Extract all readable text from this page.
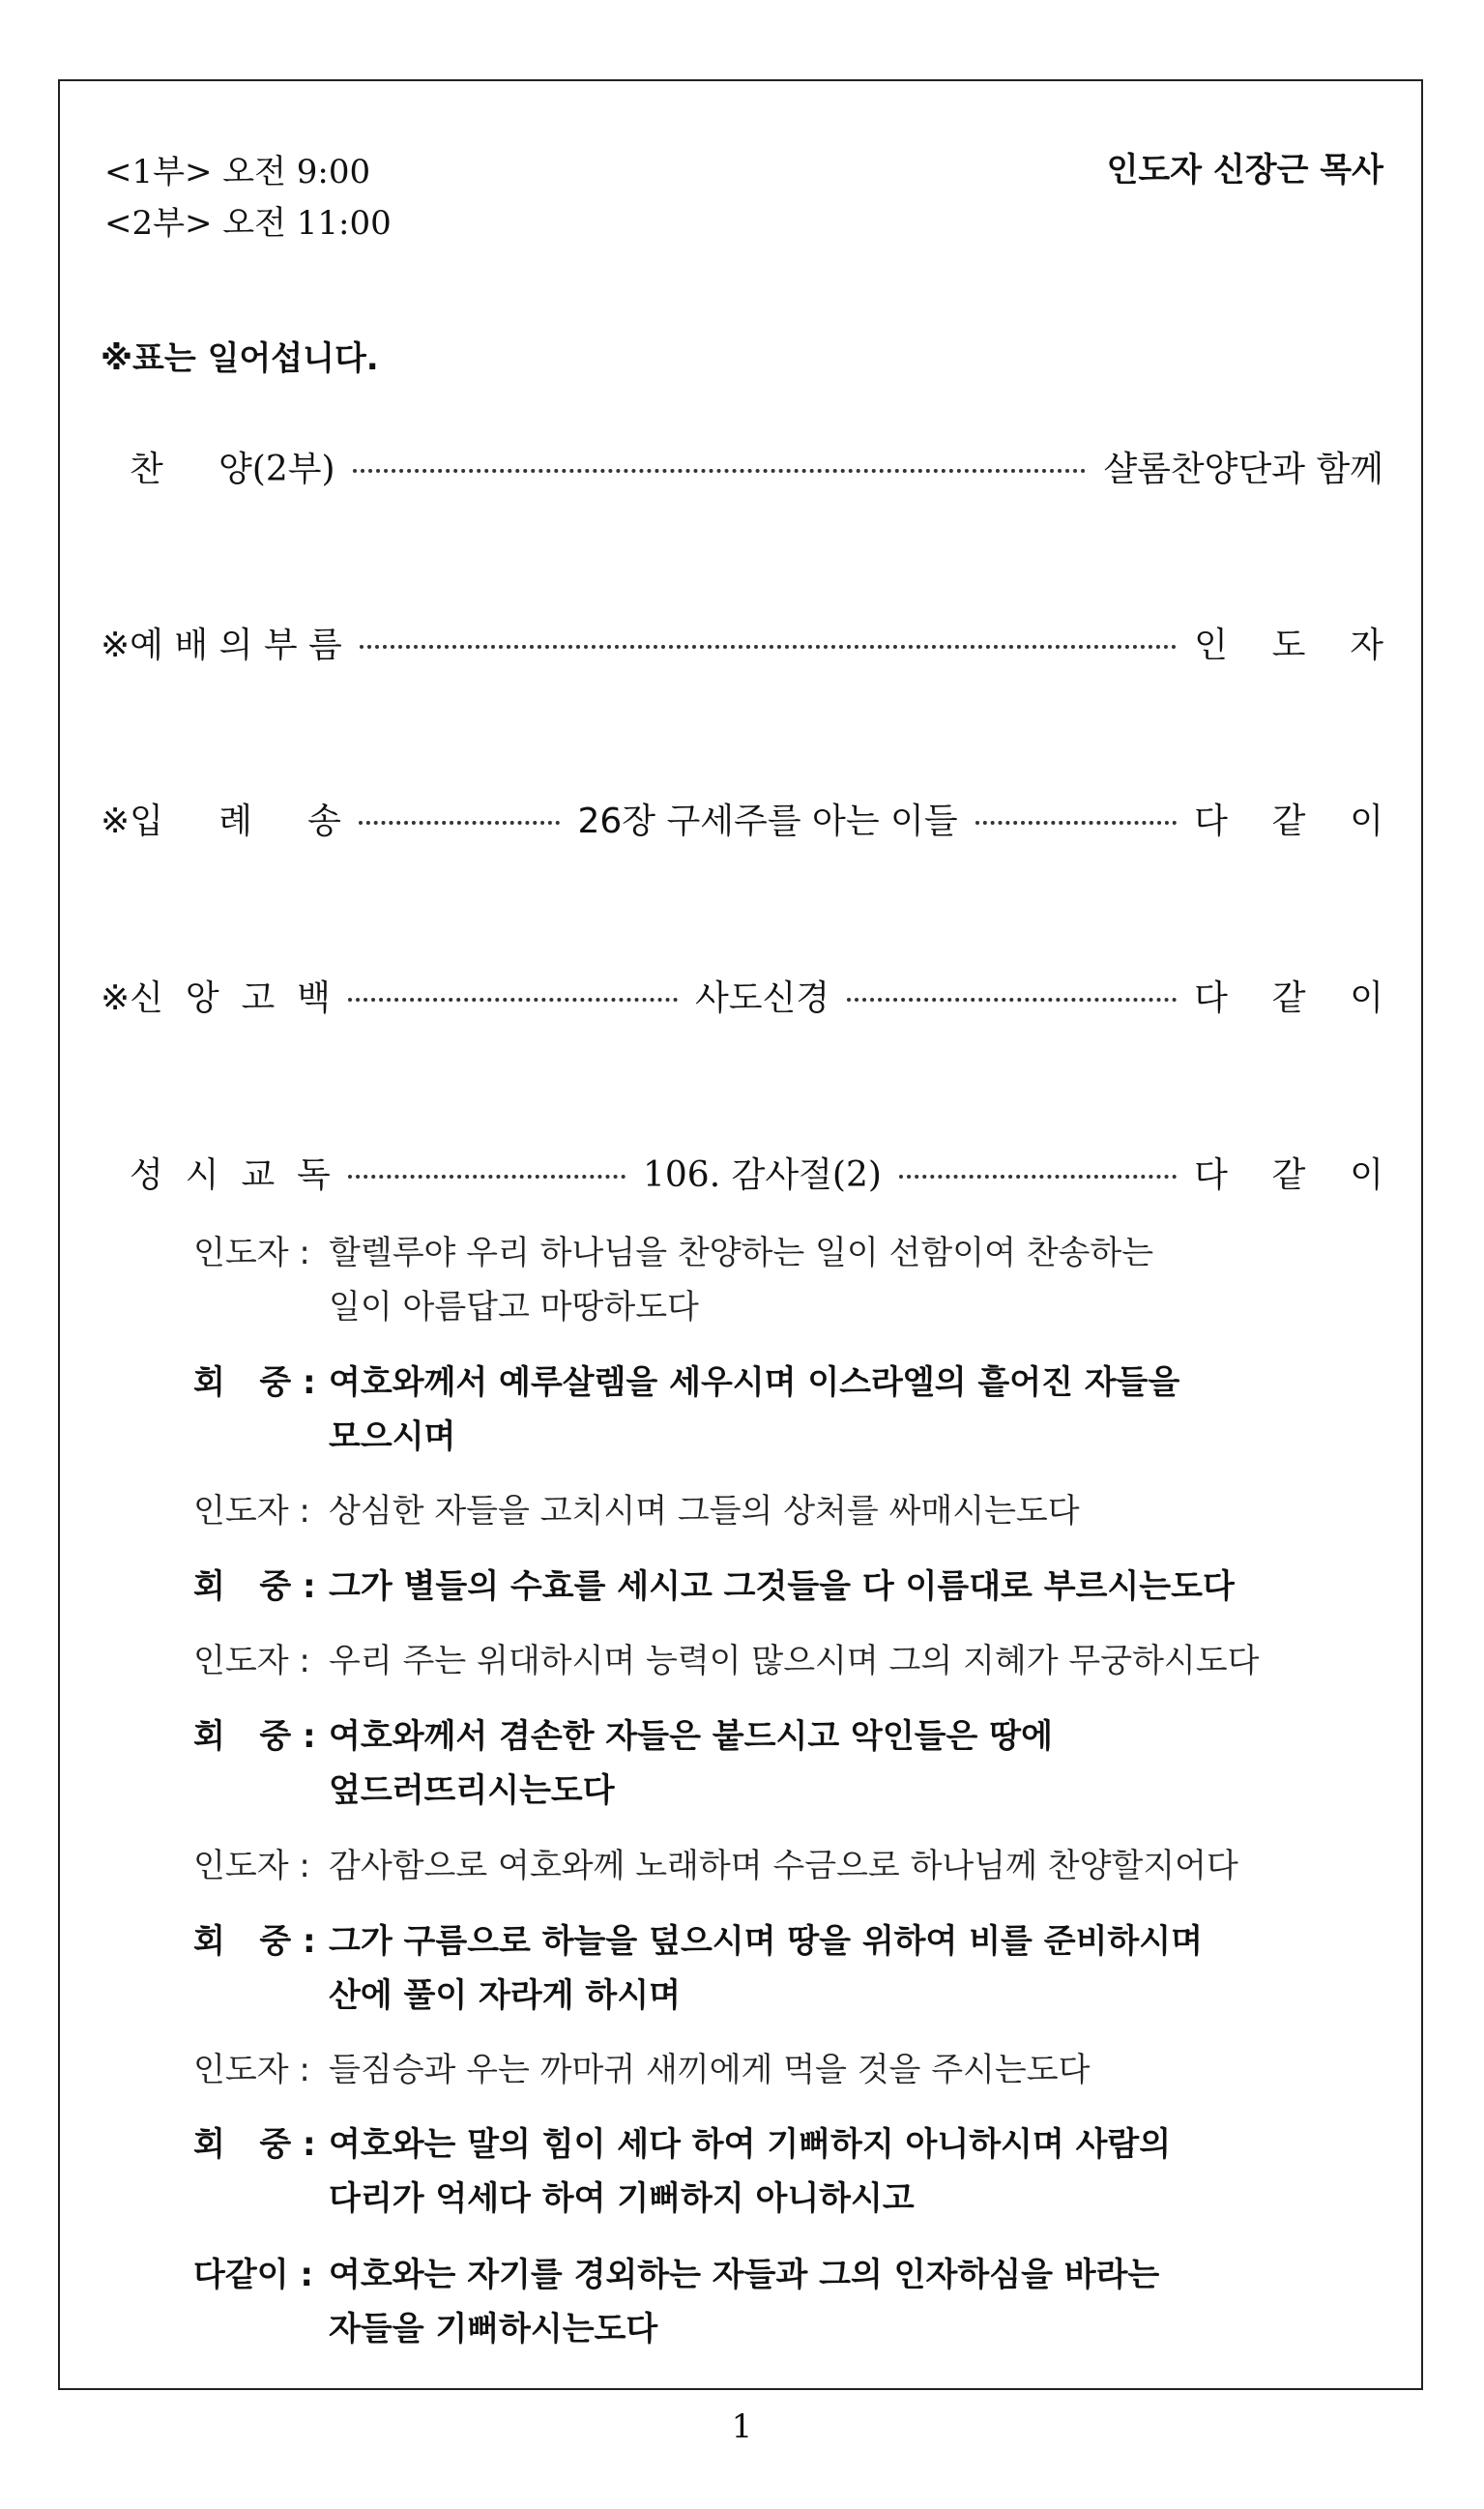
<1부> 오전 9:00
<2부> 오전 11:00
인도자 신장근 목사
※표는 일어섭니다.
찬     양(2부)	샬롬찬양단과 함께
※예 배 의 부 름	인    도    자
※입     례     송	26장 구세주를 아는 이들	다    같    이
※신  앙  고  백	사도신경	다    같    이
성  시  교  독	106. 감사절(2)	다    같    이
인도자 : 할렐루야 우리 하나님을 찬양하는 일이 선함이여 찬송하는
일이 아름답고 마땅하도다
회   중 : 여호와께서 예루살렘을 세우시며 이스라엘의 흩어진 자들을
모으시며
인도자 : 상심한 자들을 고치시며 그들의 상처를 싸매시는도다
회   중 : 그가 별들의 수효를 세시고 그것들을 다 이름대로 부르시는도다
인도자 : 우리 주는 위대하시며 능력이 많으시며 그의 지혜가 무궁하시도다
회   중 : 여호와께서 겸손한 자들은 붙드시고 악인들은 땅에
엎드러뜨리시는도다
인도자 : 감사함으로 여호와께 노래하며 수금으로 하나님께 찬양할지어다
회   중 : 그가 구름으로 하늘을 덮으시며 땅을 위하여 비를 준비하시며
산에 풀이 자라게 하시며
인도자 : 들짐승과 우는 까마귀 새끼에게 먹을 것을 주시는도다
회   중 : 여호와는 말의 힘이 세다 하여 기뻐하지 아니하시며 사람의
다리가 억세다 하여 기뻐하지 아니하시고
다같이 : 여호와는 자기를 경외하는 자들과 그의 인자하심을 바라는
자들을 기뻐하시는도다
1
